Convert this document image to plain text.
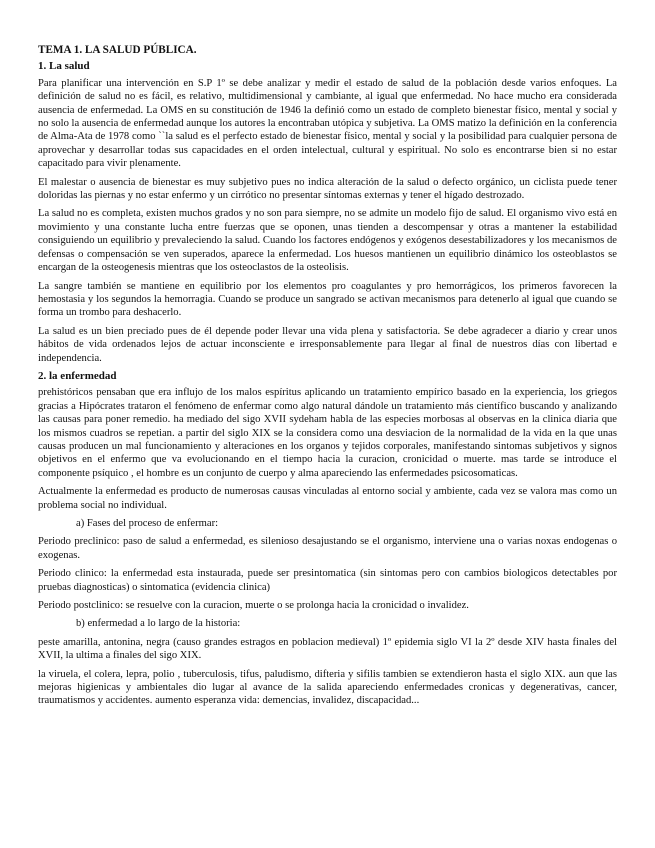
TEMA 1. LA SALUD PÚBLICA.
1. La salud

Para planificar una intervención en S.P 1º se debe analizar y medir el estado de salud de la población desde varios enfoques. La definición de salud no es fácil, es relativo, multidimensional y cambiante, al igual que enfermedad. No hace mucho era considerada ausencia de enfermedad. La OMS en su constitución de 1946 la definió como un estado de completo bienestar físico, mental y social y no solo la ausencia de enfermedad aunque los autores la encontraban utópica y subjetiva. La OMS matizo la definición en la conferencia de Alma-Ata de 1978 como ``la salud es el perfecto estado de bienestar físico, mental y social y la posibilidad para cualquier persona de aprovechar y desarrollar todas sus capacidades en el orden intelectual, cultural y espiritual. No solo es encontrarse bien si no estar capacitado para vivir plenamente.

El malestar o ausencia de bienestar es muy subjetivo pues no indica alteración de la salud o defecto orgánico, un ciclista puede tener doloridas las piernas y no estar enfermo y un cirrótico no presentar síntomas externas y tener el hígado destrozado.

La salud no es completa, existen muchos grados y no son para siempre, no se admite un modelo fijo de salud. El organismo vivo está en movimiento y una constante lucha entre fuerzas que se oponen, unas tienden a descompensar y otras a mantener la estabilidad consiguiendo un equilibrio y prevaleciendo la salud. Cuando los factores endógenos y exógenos desestabilizadores y los mecanismos de defensas o compensación se ven superados, aparece la enfermedad. Los huesos mantienen un equilibrio dinámico los osteoblastos se encargan de la osteogenesis mientras que los osteoclastos de la osteolisis.

La sangre también se mantiene en equilibrio por los elementos pro coagulantes y pro hemorrágicos, los primeros favorecen la hemostasia y los segundos la hemorragia. Cuando se produce un sangrado se activan mecanismos para detenerlo al igual que cuando se forma un trombo para deshacerlo.

La salud es un bien preciado pues de él depende poder llevar una vida plena y satisfactoria. Se debe agradecer a diario y crear unos hábitos de vida ordenados lejos de actuar inconsciente e irresponsablemente para llegar al final de nuestros días con libertad e independencia.

2. la enfermedad

prehistóricos pensaban que era influjo de los malos espíritus aplicando un tratamiento empírico basado en la experiencia, los griegos gracias a Hipócrates trataron el fenómeno de enfermar como algo natural dándole un tratamiento más científico buscando y analizando las causas para poner remedio. ha mediado del sigo XVII sydeham habla de las especies morbosas al observas en la clinica diaria que los mismos cuadros se repetian. a partir del siglo XIX se la considera como una desviacion de la normalidad de la vida en la que unas causas producen un mal funcionamiento y alteraciones en los organos y tejidos corporales, manifestando sintomas subjetivos y signos objetivos en el enfermo que va evolucionando en el tiempo hacia la curacion, cronicidad o muerte. mas tarde se introduce el componente psíquico , el hombre es un conjunto de cuerpo y alma apareciendo las enfermedades psicosomaticas.

Actualmente la enfermedad es producto de numerosas causas vinculadas al entorno social y ambiente, cada vez se valora mas como un problema social no individual.

a) Fases del proceso de enfermar:

Periodo preclinico: paso de salud a enfermedad, es silenioso desajustando se el organismo, interviene una o varias noxas endogenas o exogenas.

Periodo clinico: la enfermedad esta instaurada, puede ser presintomatica (sin sintomas pero con cambios biologicos detectables por pruebas diagnosticas) o sintomatica (evidencia clinica)

Periodo postclinico: se resuelve con la curacion, muerte o se prolonga hacia la cronicidad o invalidez.

b) enfermedad a lo largo de la historia:

peste amarilla, antonina, negra (causo grandes estragos en poblacion medieval) 1º epidemia siglo VI la 2º desde XIV hasta finales del XVII, la ultima a finales del sigo XIX.

la viruela, el colera, lepra, polio , tuberculosis, tifus, paludismo, difteria y sifilis tambien se extendieron hasta el siglo XIX. aun que las mejoras higienicas y ambientales dio lugar al avance de la salida apareciendo enfermedades cronicas y degenerativas, cancer, traumatismos y accidentes. aumento esperanza vida: demencias, invalidez, discapacidad...
